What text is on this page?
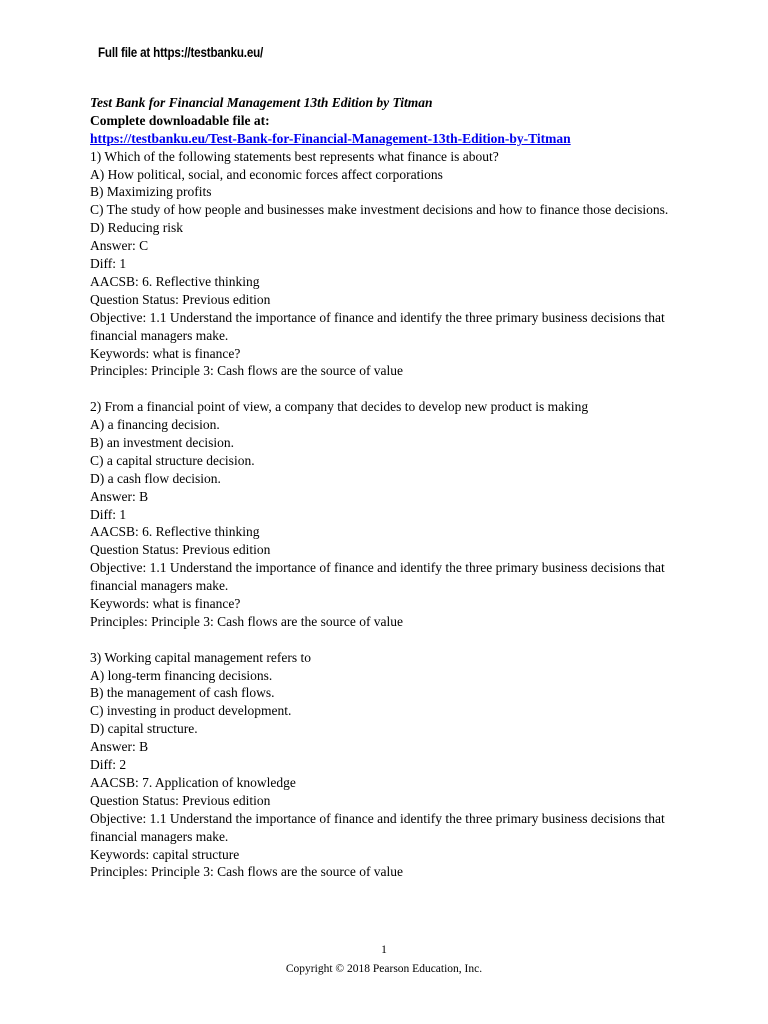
Full file at https://testbanku.eu/
Test Bank for Financial Management 13th Edition by Titman
Complete downloadable file at:
https://testbanku.eu/Test-Bank-for-Financial-Management-13th-Edition-by-Titman
1) Which of the following statements best represents what finance is about?
A) How political, social, and economic forces affect corporations
B) Maximizing profits
C) The study of how people and businesses make investment decisions and how to finance those decisions.
D) Reducing risk
Answer: C
Diff: 1
AACSB: 6. Reflective thinking
Question Status: Previous edition
Objective: 1.1 Understand the importance of finance and identify the three primary business decisions that financial managers make.
Keywords: what is finance?
Principles: Principle 3: Cash flows are the source of value
2) From a financial point of view, a company that decides to develop new product is making
A) a financing decision.
B) an investment decision.
C) a capital structure decision.
D) a cash flow decision.
Answer: B
Diff: 1
AACSB: 6. Reflective thinking
Question Status: Previous edition
Objective: 1.1 Understand the importance of finance and identify the three primary business decisions that financial managers make.
Keywords: what is finance?
Principles: Principle 3: Cash flows are the source of value
3) Working capital management refers to
A) long-term financing decisions.
B) the management of cash flows.
C) investing in product development.
D) capital structure.
Answer: B
Diff: 2
AACSB: 7. Application of knowledge
Question Status: Previous edition
Objective: 1.1 Understand the importance of finance and identify the three primary business decisions that financial managers make.
Keywords: capital structure
Principles: Principle 3: Cash flows are the source of value
1
Copyright © 2018 Pearson Education, Inc.
